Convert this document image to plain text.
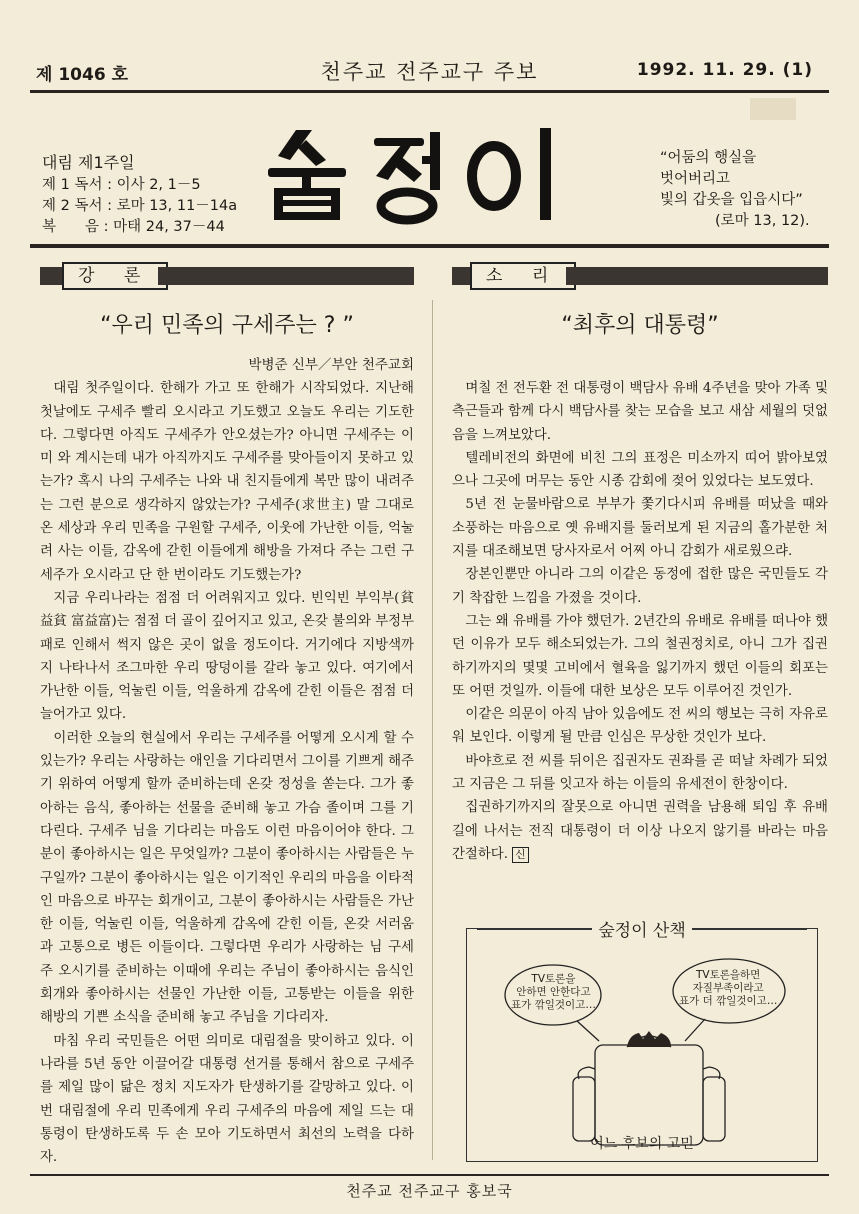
제 1046 호	천주교 전주교구 주보	1992. 11. 29. (1)
대림 제1주일
제 1 독서 : 이사 2, 1－5
제 2 독서 : 로마 13, 11－14a
복　　음 : 마태 24, 37－44
“어둠의 행실을
벗어버리고
빛의 갑옷을 입읍시다”
(로마 13, 12).
강 론	소 리
“우리 민족의 구세주는 ? ”
박병준 신부／부안 천주교회

대림 첫주일이다. 한해가 가고 또 한해가 시작되었다. 지난해 첫날에도 구세주 빨리 오시라고 기도했고 오늘도 우리는 기도한다. 그렇다면 아직도 구세주가 안오셨는가? 아니면 구세주는 이미 와 계시는데 내가 아직까지도 구세주를 맞아들이지 못하고 있는가? 혹시 나의 구세주는 나와 내 친지들에게 복만 많이 내려주는 그런 분으로 생각하지 않았는가? 구세주(求世主) 말 그대로 온 세상과 우리 민족을 구원할 구세주, 이웃에 가난한 이들, 억눌려 사는 이들, 감옥에 갇힌 이들에게 해방을 가져다 주는 그런 구세주가 오시라고 단 한 번이라도 기도했는가?

지금 우리나라는 점점 더 어려워지고 있다. 빈익빈 부익부(貧益貧 富益富)는 점점 더 골이 깊어지고 있고, 온갖 불의와 부정부패로 인해서 썩지 않은 곳이 없을 정도이다. 거기에다 지방색까지 나타나서 조그마한 우리 땅덩이를 갈라 놓고 있다. 여기에서 가난한 이들, 억눌린 이들, 억울하게 감옥에 갇힌 이들은 점점 더 늘어가고 있다.

이러한 오늘의 현실에서 우리는 구세주를 어떻게 오시게 할 수 있는가? 우리는 사랑하는 애인을 기다리면서 그이를 기쁘게 해주기 위하여 어떻게 할까 준비하는데 온갖 정성을 쏟는다. 그가 좋아하는 음식, 좋아하는 선물을 준비해 놓고 가슴 졸이며 그를 기다린다. 구세주 님을 기다리는 마음도 이런 마음이어야 한다. 그분이 좋아하시는 일은 무엇일까? 그분이 좋아하시는 사람들은 누구일까? 그분이 좋아하시는 일은 이기적인 우리의 마음을 이타적인 마음으로 바꾸는 회개이고, 그분이 좋아하시는 사람들은 가난한 이들, 억눌린 이들, 억울하게 감옥에 갇힌 이들, 온갖 서러움과 고통으로 병든 이들이다. 그렇다면 우리가 사랑하는 님 구세주 오시기를 준비하는 이때에 우리는 주님이 좋아하시는 음식인 회개와 좋아하시는 선물인 가난한 이들, 고통받는 이들을 위한 해방의 기쁜 소식을 준비해 놓고 주님을 기다리자.

마침 우리 국민들은 어떤 의미로 대림절을 맞이하고 있다. 이 나라를 5년 동안 이끌어갈 대통령 선거를 통해서 참으로 구세주를 제일 많이 닮은 정치 지도자가 탄생하기를 갈망하고 있다. 이번 대림절에 우리 민족에게 우리 구세주의 마음에 제일 드는 대통령이 탄생하도록 두 손 모아 기도하면서 최선의 노력을 다하자.

“최후의 대통령”

며칠 전 전두환 전 대통령이 백담사 유배 4주년을 맞아 가족 및 측근들과 함께 다시 백담사를 찾는 모습을 보고 새삼 세월의 덧없음을 느껴보았다.

텔레비전의 화면에 비친 그의 표정은 미소까지 띠어 밝아보였으나 그곳에 머무는 동안 시종 감회에 젖어 있었다는 보도였다.

5년 전 눈물바람으로 부부가 쫓기다시피 유배를 떠났을 때와 소풍하는 마음으로 옛 유배지를 둘러보게 된 지금의 홀가분한 처지를 대조해보면 당사자로서 어찌 아니 감회가 새로웠으랴.

장본인뿐만 아니라 그의 이같은 동정에 접한 많은 국민들도 각기 착잡한 느낌을 가졌을 것이다.

그는 왜 유배를 가야 했던가. 2년간의 유배로 유배를 떠나야 했던 이유가 모두 해소되었는가. 그의 철권정치로, 아니 그가 집권하기까지의 몇몇 고비에서 혈육을 잃기까지 했던 이들의 회포는 또 어떤 것일까. 이들에 대한 보상은 모두 이루어진 것인가.

이같은 의문이 아직 남아 있음에도 전 씨의 행보는 극히 자유로워 보인다. 이렇게 될 만큼 인심은 무상한 것인가 보다.

바야흐로 전 씨를 뒤이은 집권자도 권좌를 곧 떠날 차례가 되었고 지금은 그 뒤를 잇고자 하는 이들의 유세전이 한창이다.

집권하기까지의 잘못으로 아니면 권력을 남용해 퇴임 후 유배길에 나서는 전직 대통령이 더 이상 나오지 않기를 바라는 마음 간절하다. 신

숲정이 산책
TV토론을
안하면 안한다고
표가 깎일것이고…
TV토론을하면
자질부족이라고
표가 더 깎일것이고…
어느 후보의 고민
천주교 전주교구 홍보국
